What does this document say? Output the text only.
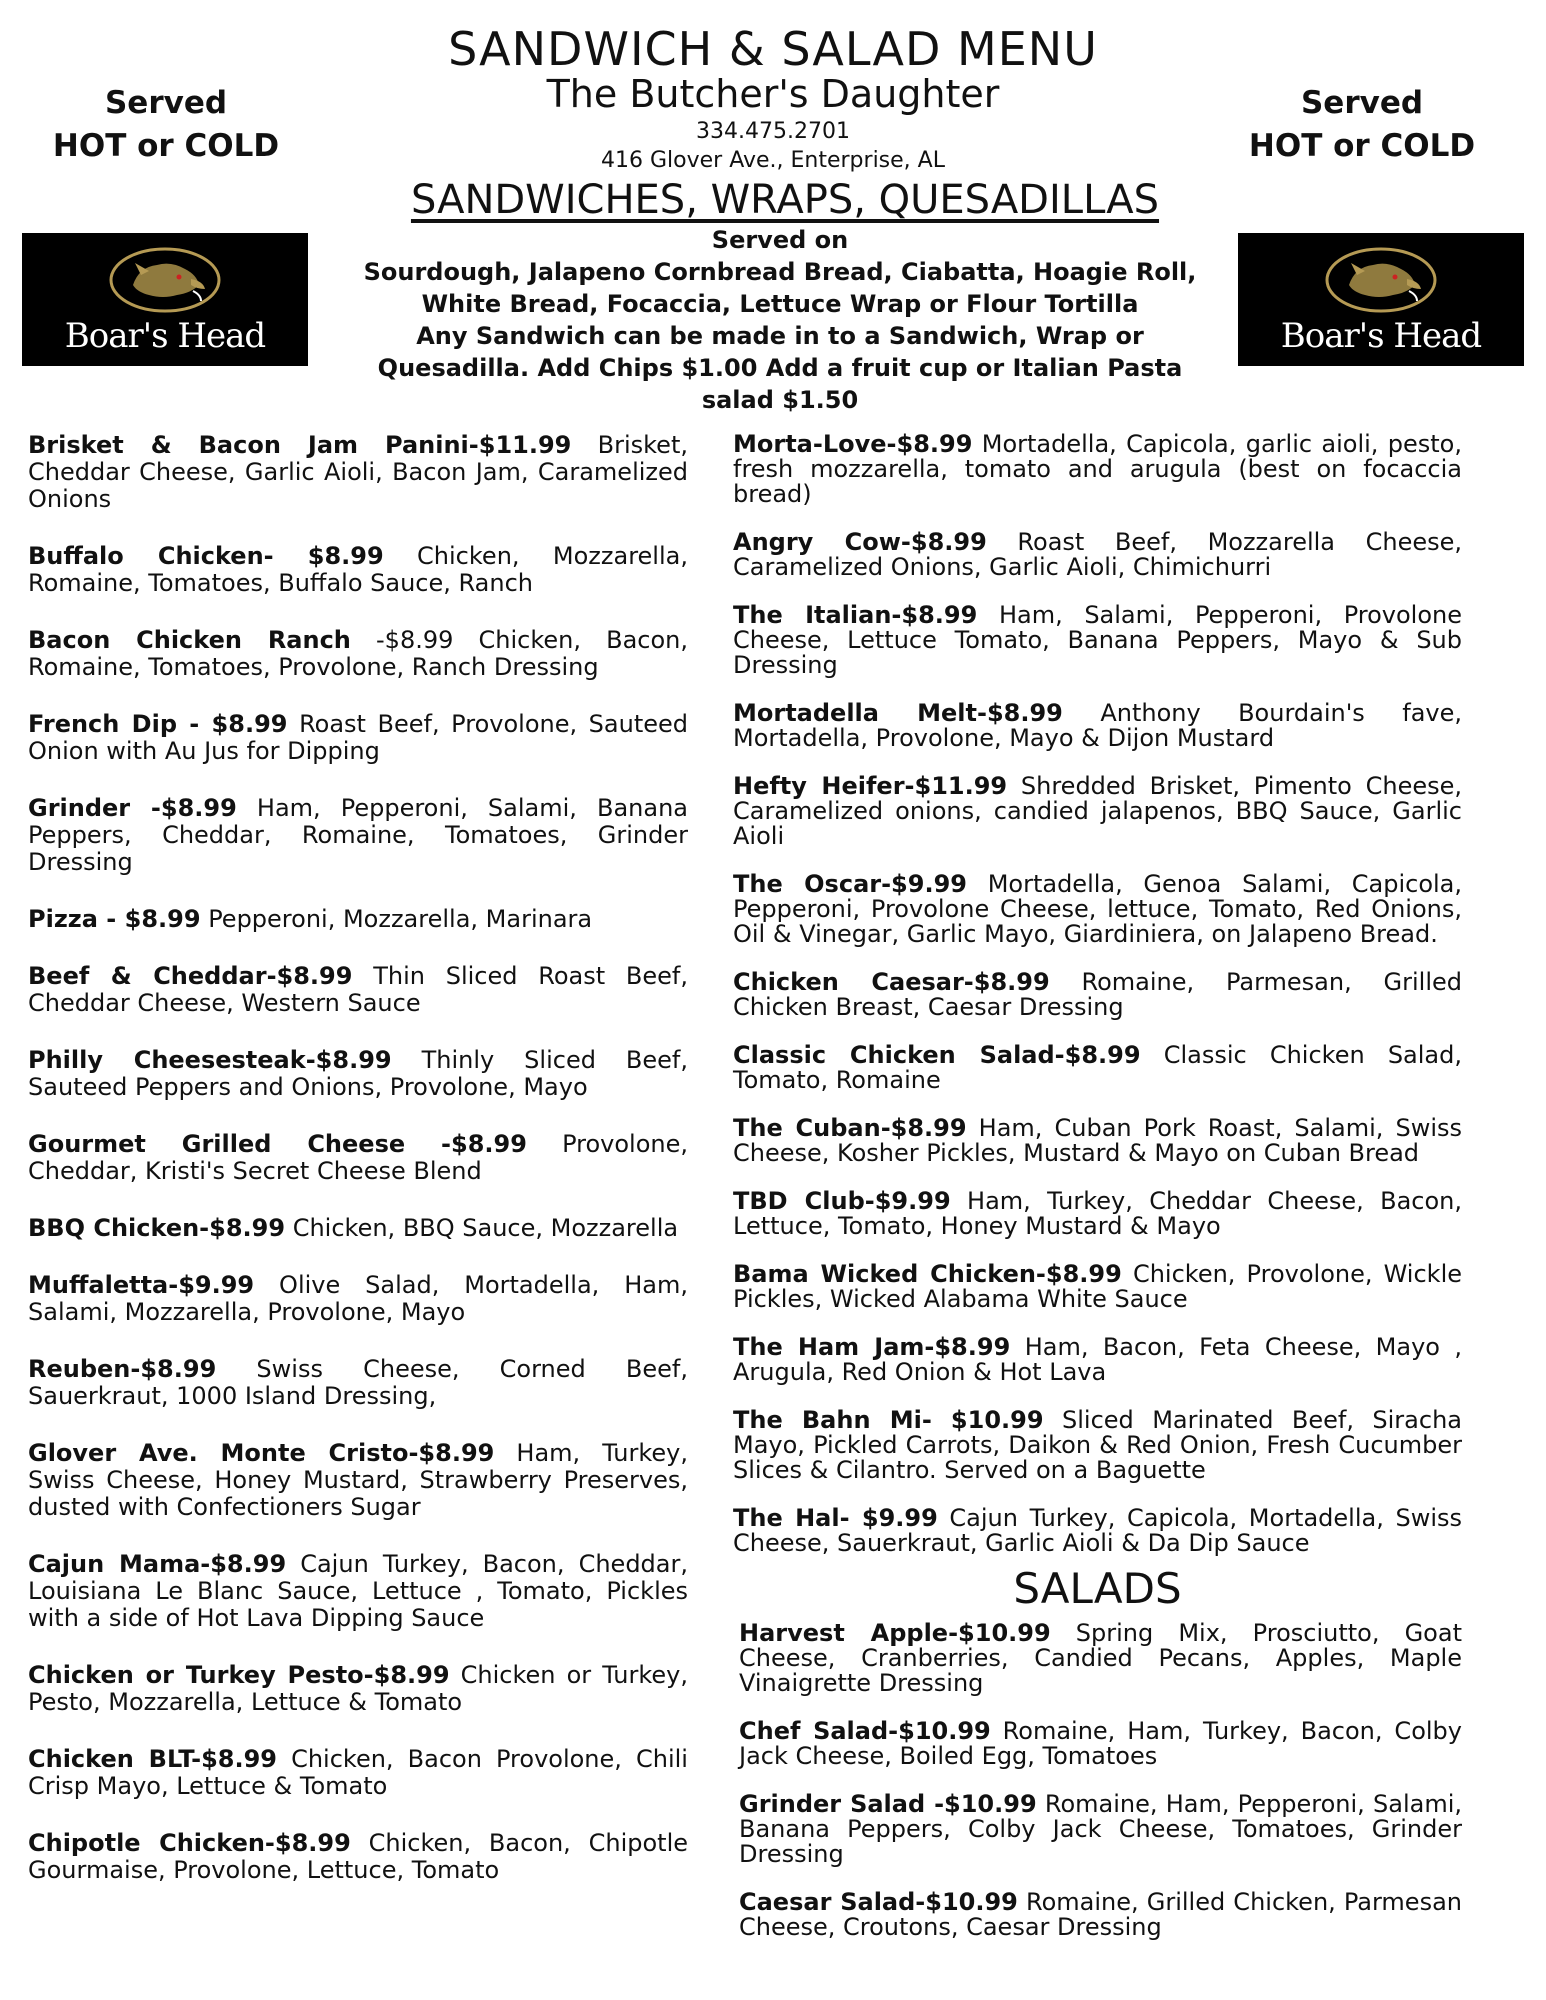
SANDWICH & SALAD MENU
The Butcher's Daughter
334.475.2701
416 Glover Ave., Enterprise, AL
Served
HOT or COLD
Served
HOT or COLD
Boar's Head	Boar's Head
SANDWICHES, WRAPS, QUESADILLAS
Served on
Sourdough, Jalapeno Cornbread Bread, Ciabatta, Hoagie Roll,
White Bread, Focaccia, Lettuce Wrap or Flour Tortilla
Any Sandwich can be made in to a Sandwich, Wrap or
Quesadilla. Add Chips $1.00 Add a fruit cup or Italian Pasta
salad $1.50

Brisket & Bacon Jam Panini-$11.99 Brisket, Cheddar Cheese, Garlic Aioli, Bacon Jam, Caramelized Onions

Buffalo Chicken- $8.99 Chicken, Mozzarella, Romaine, Tomatoes, Buffalo Sauce, Ranch

Bacon Chicken Ranch -$8.99 Chicken, Bacon, Romaine, Tomatoes, Provolone, Ranch Dressing

French Dip - $8.99 Roast Beef, Provolone, Sauteed Onion with Au Jus for Dipping

Grinder -$8.99 Ham, Pepperoni, Salami, Banana Peppers, Cheddar, Romaine, Tomatoes, Grinder Dressing

Pizza - $8.99 Pepperoni, Mozzarella, Marinara

Beef & Cheddar-$8.99 Thin Sliced Roast Beef, Cheddar Cheese, Western Sauce

Philly Cheesesteak-$8.99 Thinly Sliced Beef, Sauteed Peppers and Onions, Provolone, Mayo

Gourmet Grilled Cheese -$8.99 Provolone, Cheddar, Kristi's Secret Cheese Blend

BBQ Chicken-$8.99 Chicken, BBQ Sauce, Mozzarella

Muffaletta-$9.99 Olive Salad, Mortadella, Ham, Salami, Mozzarella, Provolone, Mayo

Reuben-$8.99 Swiss Cheese, Corned Beef, Sauerkraut, 1000 Island Dressing,

Glover Ave. Monte Cristo-$8.99 Ham, Turkey, Swiss Cheese, Honey Mustard, Strawberry Preserves, dusted with Confectioners Sugar

Cajun Mama-$8.99 Cajun Turkey, Bacon, Cheddar, Louisiana Le Blanc Sauce, Lettuce , Tomato, Pickles with a side of Hot Lava Dipping Sauce

Chicken or Turkey Pesto-$8.99 Chicken or Turkey, Pesto, Mozzarella, Lettuce & Tomato

Chicken BLT-$8.99 Chicken, Bacon Provolone, Chili Crisp Mayo, Lettuce & Tomato

Chipotle Chicken-$8.99 Chicken, Bacon, Chipotle Gourmaise, Provolone, Lettuce, Tomato

Morta-Love-$8.99 Mortadella, Capicola, garlic aioli, pesto, fresh mozzarella, tomato and arugula (best on focaccia bread)

Angry Cow-$8.99 Roast Beef, Mozzarella Cheese, Caramelized Onions, Garlic Aioli, Chimichurri

The Italian-$8.99 Ham, Salami, Pepperoni, Provolone Cheese, Lettuce Tomato, Banana Peppers, Mayo & Sub Dressing

Mortadella Melt-$8.99 Anthony Bourdain's fave, Mortadella, Provolone, Mayo & Dijon Mustard

Hefty Heifer-$11.99 Shredded Brisket, Pimento Cheese, Caramelized onions, candied jalapenos, BBQ Sauce, Garlic Aioli

The Oscar-$9.99 Mortadella, Genoa Salami, Capicola, Pepperoni, Provolone Cheese, lettuce, Tomato, Red Onions, Oil & Vinegar, Garlic Mayo, Giardiniera, on Jalapeno Bread.

Chicken Caesar-$8.99 Romaine, Parmesan, Grilled Chicken Breast, Caesar Dressing

Classic Chicken Salad-$8.99 Classic Chicken Salad, Tomato, Romaine

The Cuban-$8.99 Ham, Cuban Pork Roast, Salami, Swiss Cheese, Kosher Pickles, Mustard & Mayo on Cuban Bread

TBD Club-$9.99 Ham, Turkey, Cheddar Cheese, Bacon, Lettuce, Tomato, Honey Mustard & Mayo

Bama Wicked Chicken-$8.99 Chicken, Provolone, Wickle Pickles, Wicked Alabama White Sauce

The Ham Jam-$8.99 Ham, Bacon, Feta Cheese, Mayo , Arugula, Red Onion & Hot Lava

The Bahn Mi- $10.99 Sliced Marinated Beef, Siracha Mayo, Pickled Carrots, Daikon & Red Onion, Fresh Cucumber Slices & Cilantro. Served on a Baguette

The Hal- $9.99 Cajun Turkey, Capicola, Mortadella, Swiss Cheese, Sauerkraut, Garlic Aioli & Da Dip Sauce

SALADS

Harvest Apple-$10.99 Spring Mix, Prosciutto, Goat Cheese, Cranberries, Candied Pecans, Apples, Maple Vinaigrette Dressing

Chef Salad-$10.99 Romaine, Ham, Turkey, Bacon, Colby Jack Cheese, Boiled Egg, Tomatoes

Grinder Salad -$10.99 Romaine, Ham, Pepperoni, Salami, Banana Peppers, Colby Jack Cheese, Tomatoes, Grinder Dressing

Caesar Salad-$10.99 Romaine, Grilled Chicken, Parmesan Cheese, Croutons, Caesar Dressing
